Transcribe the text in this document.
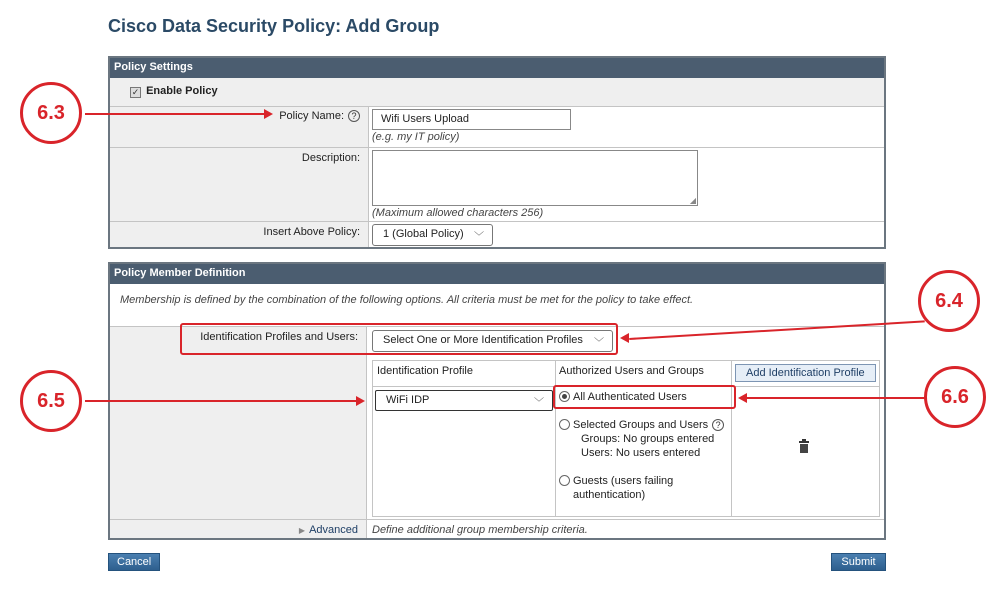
Cisco Data Security Policy: Add Group
Policy Settings
✓ Enable Policy
Policy Name: ?	Wifi Users Upload
(e.g. my IT policy)
Description:
◢
(Maximum allowed characters 256)
Insert Above Policy:	1 (Global Policy) ﹀
Policy Member Definition
Membership is defined by the combination of the following options. All criteria must be met for the policy to take effect.
Identification Profiles and Users:	Select One or More Identification Profiles ﹀
Identification Profile	Authorized Users and Groups	Add Identification Profile
WiFi IDP	﹀
All Authenticated Users
Selected Groups and Users ?
Groups: No groups entered
Users: No users entered
Guests (users failing
authentication)
▶ Advanced Define additional group membership criteria.
Cancel	Submit
6.3
6.4
6.5	6.6
